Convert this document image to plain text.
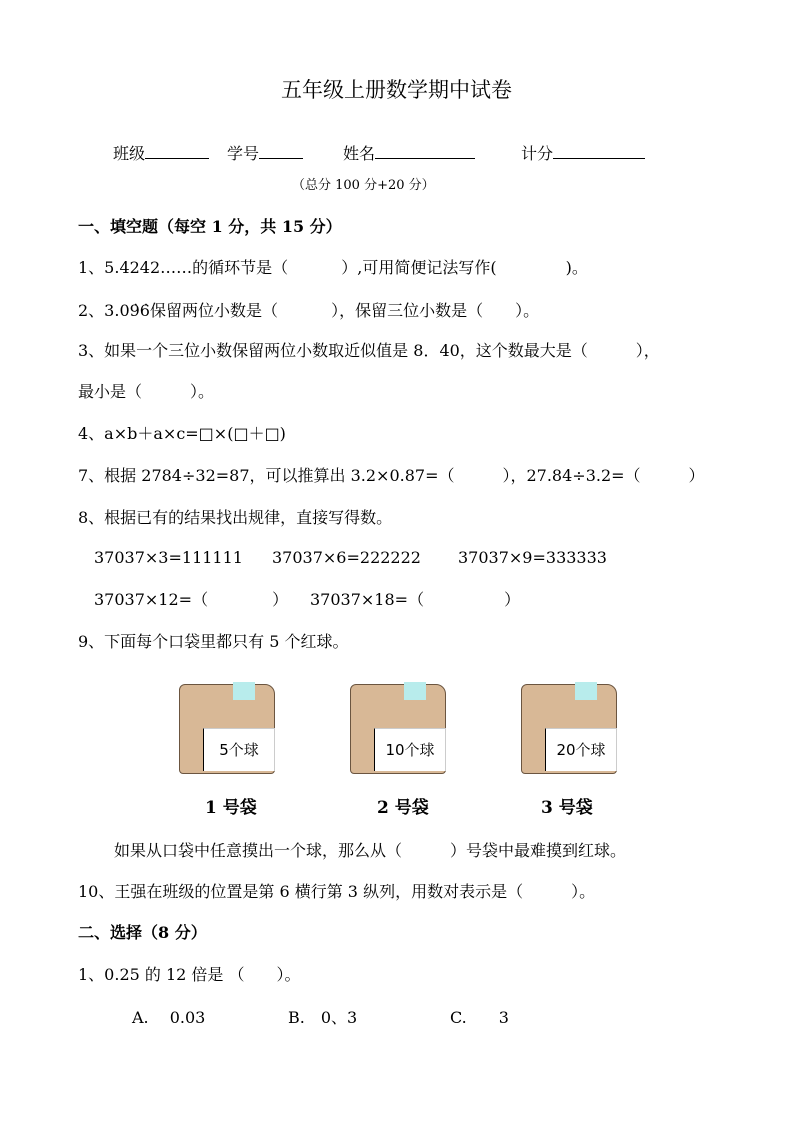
五年级上册数学期中试卷
班级	学号	姓名	计分
（总分 100 分+20 分）
一、填空题（每空 1 分，共 15 分）
1、5.4242……的循环节是（　　　 ）,可用简便记法写作(　　　　 )。
2、3.09̇6̇保留两位小数是（　　　 ），保留三位小数是（　　）。
3、如果一个三位小数保留两位小数取近似值是 8．40，这个数最大是（　　　），
最小是（　　　）。
4、a×b＋a×c=□×(□＋□)
7、根据 2784÷32=87，可以推算出 3.2×0.87=（　　　），27.84÷3.2=（　　　）
8、根据已有的结果找出规律，直接写得数。
37037×3=111111 37037×6=222222 37037×9=333333
37037×12=（　　　　） 37037×18=（　　　　　）
9、下面每个口袋里都只有 5 个红球。
5个球	10个球	20个球
1 号袋	2 号袋	3 号袋
如果从口袋中任意摸出一个球，那么从（　　　）号袋中最难摸到红球。
10、王强在班级的位置是第 6 横行第 3 纵列，用数对表示是（　　　）。
二、选择（8 分）
1、0.25 的 12 倍是 （　　）。
A.　 0.03	B.　0、3	C.　　3
